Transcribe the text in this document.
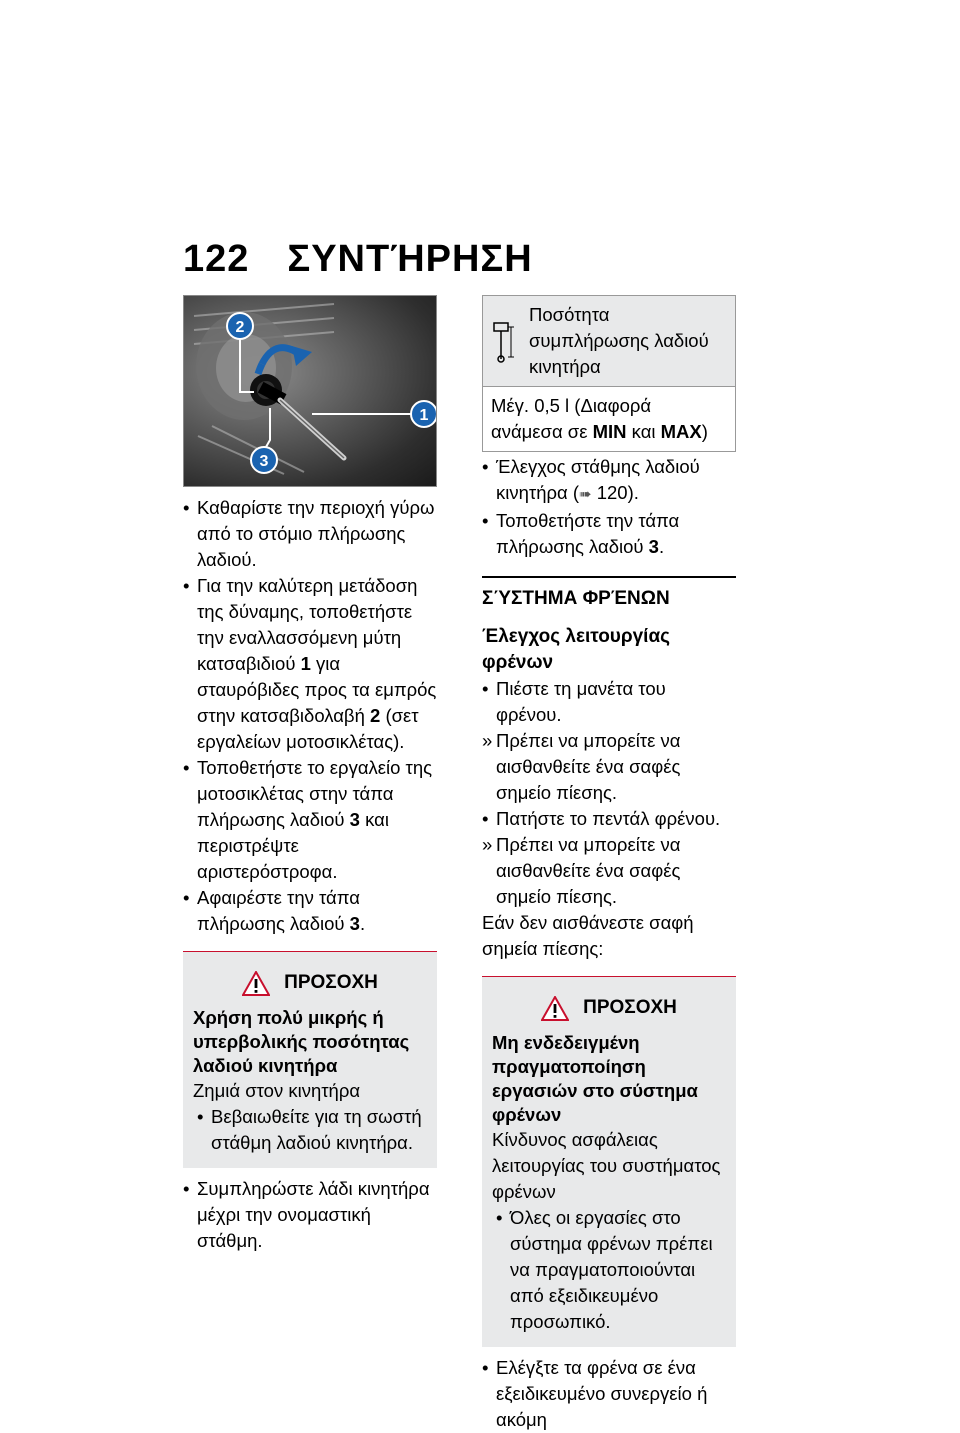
122 ΣΥΝΤΉΡΗΣΗ
2
1
3
• Καθαρίστε την περιοχή γύρω από το στόμιο πλήρωσης λαδιού.
• Για την καλύτερη μετάδοση της δύναμης, τοποθετήστε την εναλλασσόμενη μύτη κατσαβιδιού 1 για σταυρόβιδες προς τα εμπρός στην κατσαβιδολαβή 2 (σετ εργαλείων μοτοσικλέτας).
• Τοποθετήστε το εργαλείο της μοτοσικλέτας στην τάπα πλήρωσης λαδιού 3 και περιστρέψτε αριστερόστροφα.
• Αφαιρέστε την τάπα πλήρωσης λαδιού 3.
ΠΡΟΣΟΧΗ
Χρήση πολύ μικρής ή υπερβολικής ποσότητας λαδιού κινητήρα
Ζημιά στον κινητήρα
• Βεβαιωθείτε για τη σωστή στάθμη λαδιού κινητήρα.
• Συμπληρώστε λάδι κινητήρα μέχρι την ονομαστική στάθμη.
Ποσότητα συμπλήρωσης λαδιού κινητήρα
Μέγ. 0,5 l (Διαφορά ανάμεσα σε MIN και MAX)
• Έλεγχος στάθμης λαδιού κινητήρα (➠ 120).
• Τοποθετήστε την τάπα πλήρωσης λαδιού 3.
ΣΎΣΤΗΜΑ ΦΡΈΝΩΝ
Έλεγχος λειτουργίας φρένων
• Πιέστε τη μανέτα του φρένου.
» Πρέπει να μπορείτε να αισθανθείτε ένα σαφές σημείο πίεσης.
• Πατήστε το πεντάλ φρένου.
» Πρέπει να μπορείτε να αισθανθείτε ένα σαφές σημείο πίεσης.
Εάν δεν αισθάνεστε σαφή σημεία πίεσης:
ΠΡΟΣΟΧΗ
Μη ενδεδειγμένη πραγματοποίηση εργασιών στο σύστημα φρένων
Κίνδυνος ασφάλειας λειτουργίας του συστήματος φρένων
• Όλες οι εργασίες στο σύστημα φρένων πρέπει να πραγματοποιούνται από εξειδικευμένο προσωπικό.
• Ελέγξτε τα φρένα σε ένα εξειδικευμένο συνεργείο ή ακόμη
